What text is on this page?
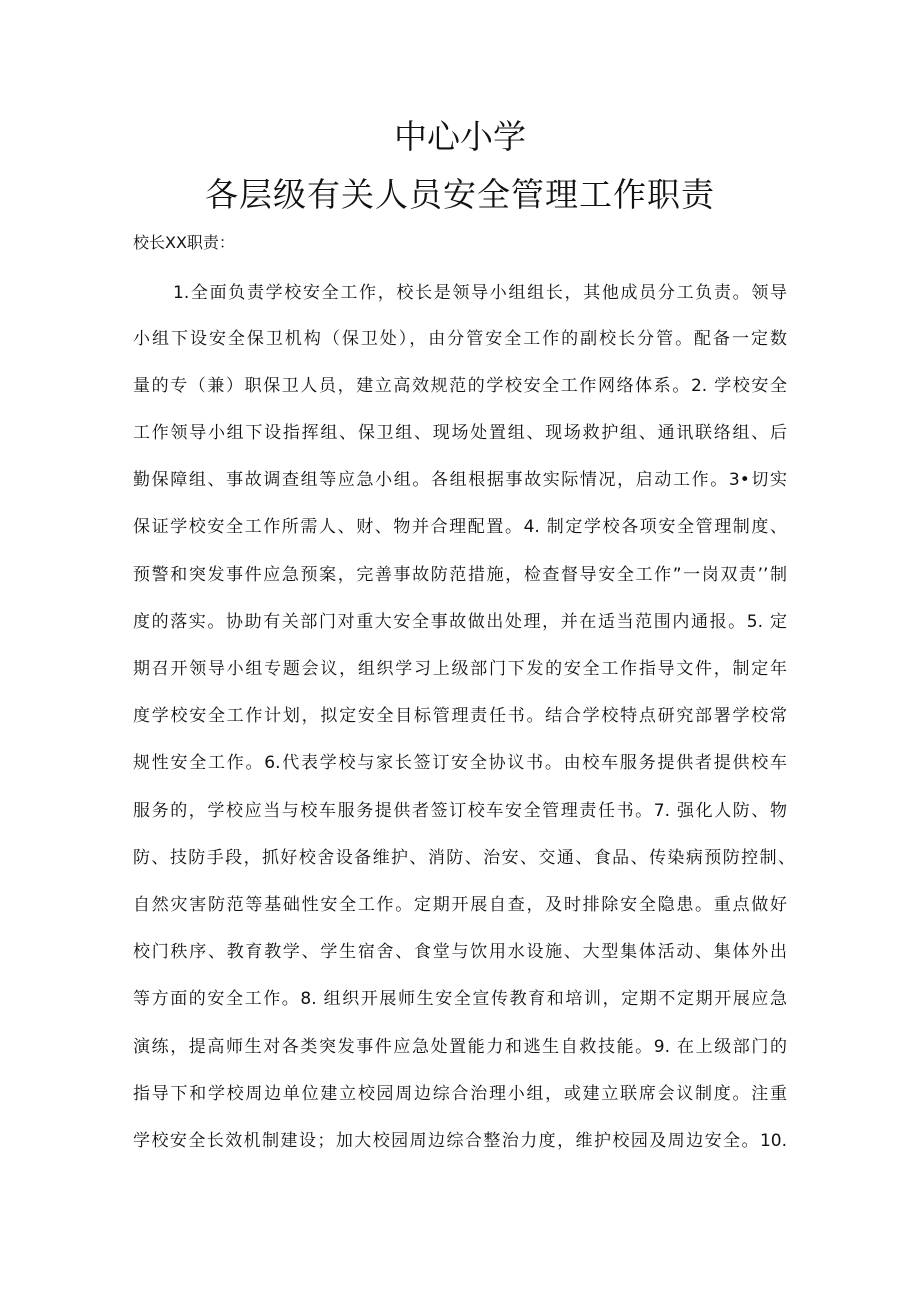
中心小学
各层级有关人员安全管理工作职责
校长XX职责：
1.全面负责学校安全工作，校长是领导小组组长，其他成员分工负责。领导
小组下设安全保卫机构（保卫处），由分管安全工作的副校长分管。配备一定数
量的专（兼）职保卫人员，建立高效规范的学校安全工作网络体系。2. 学校安全
工作领导小组下设指挥组、保卫组、现场处置组、现场救护组、通讯联络组、后
勤保障组、事故调查组等应急小组。各组根据事故实际情况，启动工作。3•切实
保证学校安全工作所需人、财、物并合理配置。4. 制定学校各项安全管理制度、
预警和突发事件应急预案，完善事故防范措施，检查督导安全工作”一岗双责’’制
度的落实。协助有关部门对重大安全事故做出处理，并在适当范围内通报。5. 定
期召开领导小组专题会议，组织学习上级部门下发的安全工作指导文件，制定年
度学校安全工作计划，拟定安全目标管理责任书。结合学校特点研究部署学校常
规性安全工作。6.代表学校与家长签订安全协议书。由校车服务提供者提供校车
服务的，学校应当与校车服务提供者签订校车安全管理责任书。7. 强化人防、物
防、技防手段，抓好校舍设备维护、消防、治安、交通、食品、传染病预防控制、
自然灾害防范等基础性安全工作。定期开展自查，及时排除安全隐患。重点做好
校门秩序、教育教学、学生宿舍、食堂与饮用水设施、大型集体活动、集体外出
等方面的安全工作。8. 组织开展师生安全宣传教育和培训，定期不定期开展应急
演练，提高师生对各类突发事件应急处置能力和逃生自救技能。9. 在上级部门的
指导下和学校周边单位建立校园周边综合治理小组，或建立联席会议制度。注重
学校安全长效机制建设；加大校园周边综合整治力度，维护校园及周边安全。10.
